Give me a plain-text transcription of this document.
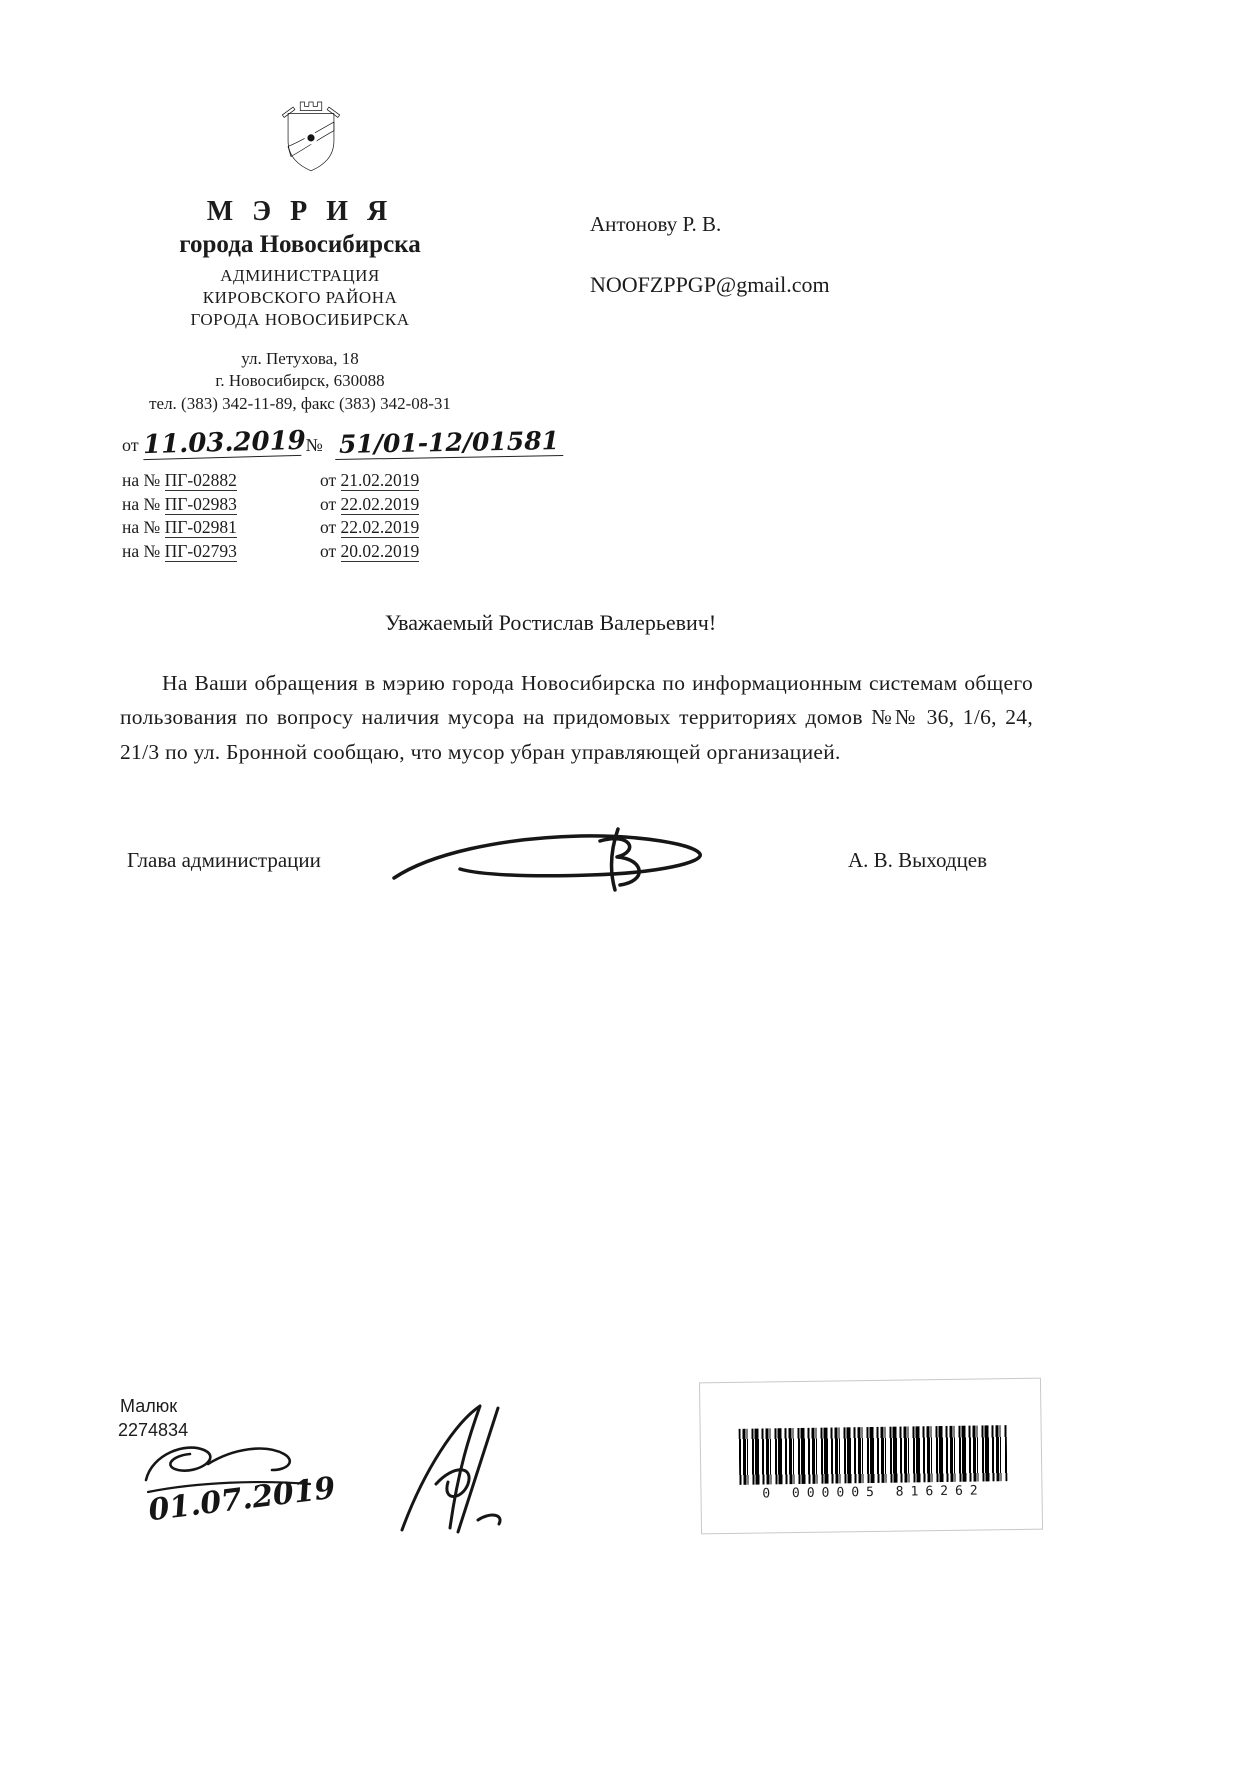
М Э Р И Я
города Новосибирска
АДМИНИСТРАЦИЯ
КИРОВСКОГО РАЙОНА
ГОРОДА НОВОСИБИРСКА
ул. Петухова, 18
г. Новосибирск, 630088
тел. (383) 342-11-89, факс (383) 342-08-31
от 11.03.2019 № 51/01-12/01581
на № ПГ-02882	от 21.02.2019
на № ПГ-02983	от 22.02.2019
на № ПГ-02981	от 22.02.2019
на № ПГ-02793	от 20.02.2019
Антонову Р. В.
NOOFZPPGP@gmail.com
Уважаемый Ростислав Валерьевич!
На Ваши обращения в мэрию города Новосибирска по информационным системам общего пользования по вопросу наличия мусора на придомовых территориях домов №№ 36, 1/6, 24, 21/3 по ул. Бронной сообщаю, что мусор убран управляющей организацией.
Глава администрации	А. В. Выходцев
Малюк
2274834
01.07.2019	0 000005 816262
